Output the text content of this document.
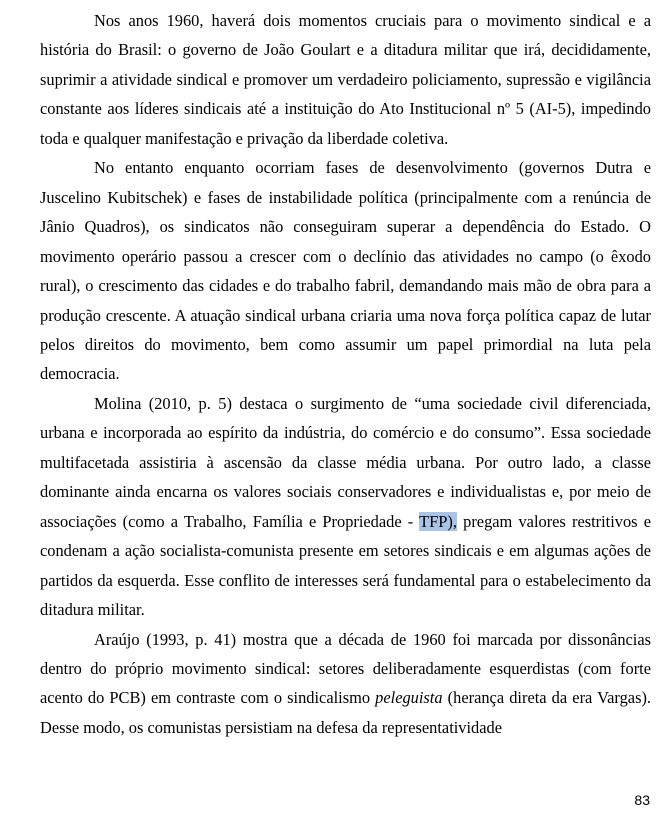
Nos anos 1960, haverá dois momentos cruciais para o movimento sindical e a história do Brasil: o governo de João Goulart e a ditadura militar que irá, decididamente, suprimir a atividade sindical e promover um verdadeiro policiamento, supressão e vigilância constante aos líderes sindicais até a instituição do Ato Institucional nº 5 (AI-5), impedindo toda e qualquer manifestação e privação da liberdade coletiva.

No entanto enquanto ocorriam fases de desenvolvimento (governos Dutra e Juscelino Kubitschek) e fases de instabilidade política (principalmente com a renúncia de Jânio Quadros), os sindicatos não conseguiram superar a dependência do Estado. O movimento operário passou a crescer com o declínio das atividades no campo (o êxodo rural), o crescimento das cidades e do trabalho fabril, demandando mais mão de obra para a produção crescente. A atuação sindical urbana criaria uma nova força política capaz de lutar pelos direitos do movimento, bem como assumir um papel primordial na luta pela democracia.

Molina (2010, p. 5) destaca o surgimento de “uma sociedade civil diferenciada, urbana e incorporada ao espírito da indústria, do comércio e do consumo”. Essa sociedade multifacetada assistiria à ascensão da classe média urbana. Por outro lado, a classe dominante ainda encarna os valores sociais conservadores e individualistas e, por meio de associações (como a Trabalho, Família e Propriedade - TFP), pregam valores restritivos e condenam a ação socialista-comunista presente em setores sindicais e em algumas ações de partidos da esquerda. Esse conflito de interesses será fundamental para o estabelecimento da ditadura militar.

Araújo (1993, p. 41) mostra que a década de 1960 foi marcada por dissonâncias dentro do próprio movimento sindical: setores deliberadamente esquerdistas (com forte acento do PCB) em contraste com o sindicalismo peleguista (herança direta da era Vargas). Desse modo, os comunistas persistiam na defesa da representatividade

83
